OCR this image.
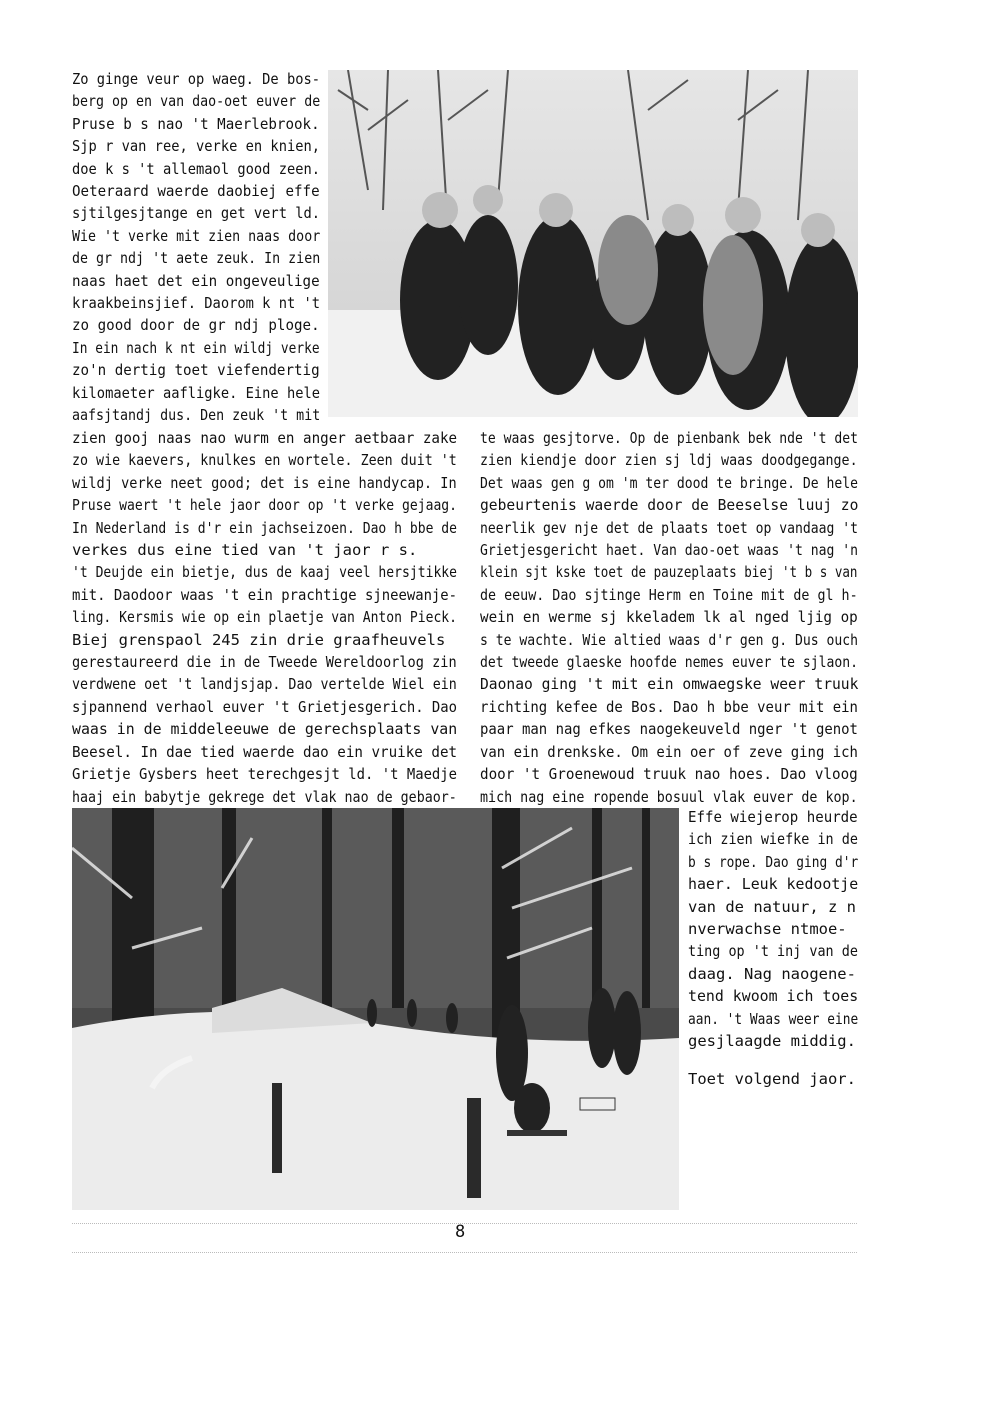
Zo ginge veur op waeg. De bos-
berg op en van dao-oet euver de
Pruse b s nao 't Maerlebrook.
Sjp r van ree, verke en knien,
doe k s 't allemaol good zeen.
Oeteraard waerde daobiej effe
sjtilgesjtange en get vert ld.
Wie 't verke mit zien naas door
de gr ndj 't aete zeuk. In zien
naas haet det ein ongeveulige
kraakbeinsjief. Daorom k nt 't
zo good door de gr ndj ploge.
In ein nach k nt ein wildj verke
zo'n dertig toet viefendertig
kilomaeter aafligke. Eine hele
aafsjtandj dus. Den zeuk 't mit
zien gooj naas nao wurm en anger aetbaar zake
zo wie kaevers, knulkes en wortele. Zeen duit 't
wildj verke neet good; det is eine handycap. In
Pruse waert 't hele jaor door op 't verke gejaag.
In Nederland is d'r ein jachseizoen. Dao h bbe de
verkes dus eine tied van 't jaor r s.
't Deujde ein bietje, dus de kaaj veel hersjtikke
mit. Daodoor waas 't ein prachtige sjneewanje-
ling. Kersmis wie op ein plaetje van Anton Pieck.
Biej grenspaol 245 zin drie graafheuvels
gerestaureerd die in de Tweede Wereldoorlog zin
verdwene oet 't landjsjap. Dao vertelde Wiel ein
sjpannend verhaol euver 't Grietjesgerich. Dao
waas in de middeleeuwe de gerechsplaats van
Beesel. In dae tied waerde dao ein vruike det
Grietje Gysbers heet terechgesjt ld. 't Maedje
haaj ein babytje gekrege det vlak nao de gebaor-
te waas gesjtorve. Op de pienbank bek nde 't det
zien kiendje door zien sj ldj waas doodgegange.
Det waas gen g om 'm ter dood te bringe. De hele
gebeurtenis waerde door de Beeselse luuj zo
neerlik gev nje det de plaats toet op vandaag 't
Grietjesgericht haet. Van dao-oet waas 't nag 'n
klein sjt kske toet de pauzeplaats biej 't b s van
de eeuw. Dao sjtinge Herm en Toine mit de gl h-
wein en werme sj kkeladem lk al nged ljig op
s te wachte. Wie altied waas d'r gen g. Dus ouch
det tweede glaeske hoofde nemes euver te sjlaon.
Daonao ging 't mit ein omwaegske weer truuk
richting kefee de Bos. Dao h bbe veur mit ein
paar man nag efkes naogekeuveld nger 't genot
van ein drenkske. Om ein oer of zeve ging ich
door 't Groenewoud truuk nao hoes. Dao vloog
mich nag eine ropende bosuul vlak euver de kop.
Effe wiejerop heurde
ich zien wiefke in de
b s rope. Dao ging d'r
haer. Leuk kedootje
van de natuur, z n
nverwachse ntmoe-
ting op 't inj van de
daag. Nag naogene-
tend kwoom ich toes
aan. 't Waas weer eine
gesjlaagde middig.
Toet volgend jaor.
8
